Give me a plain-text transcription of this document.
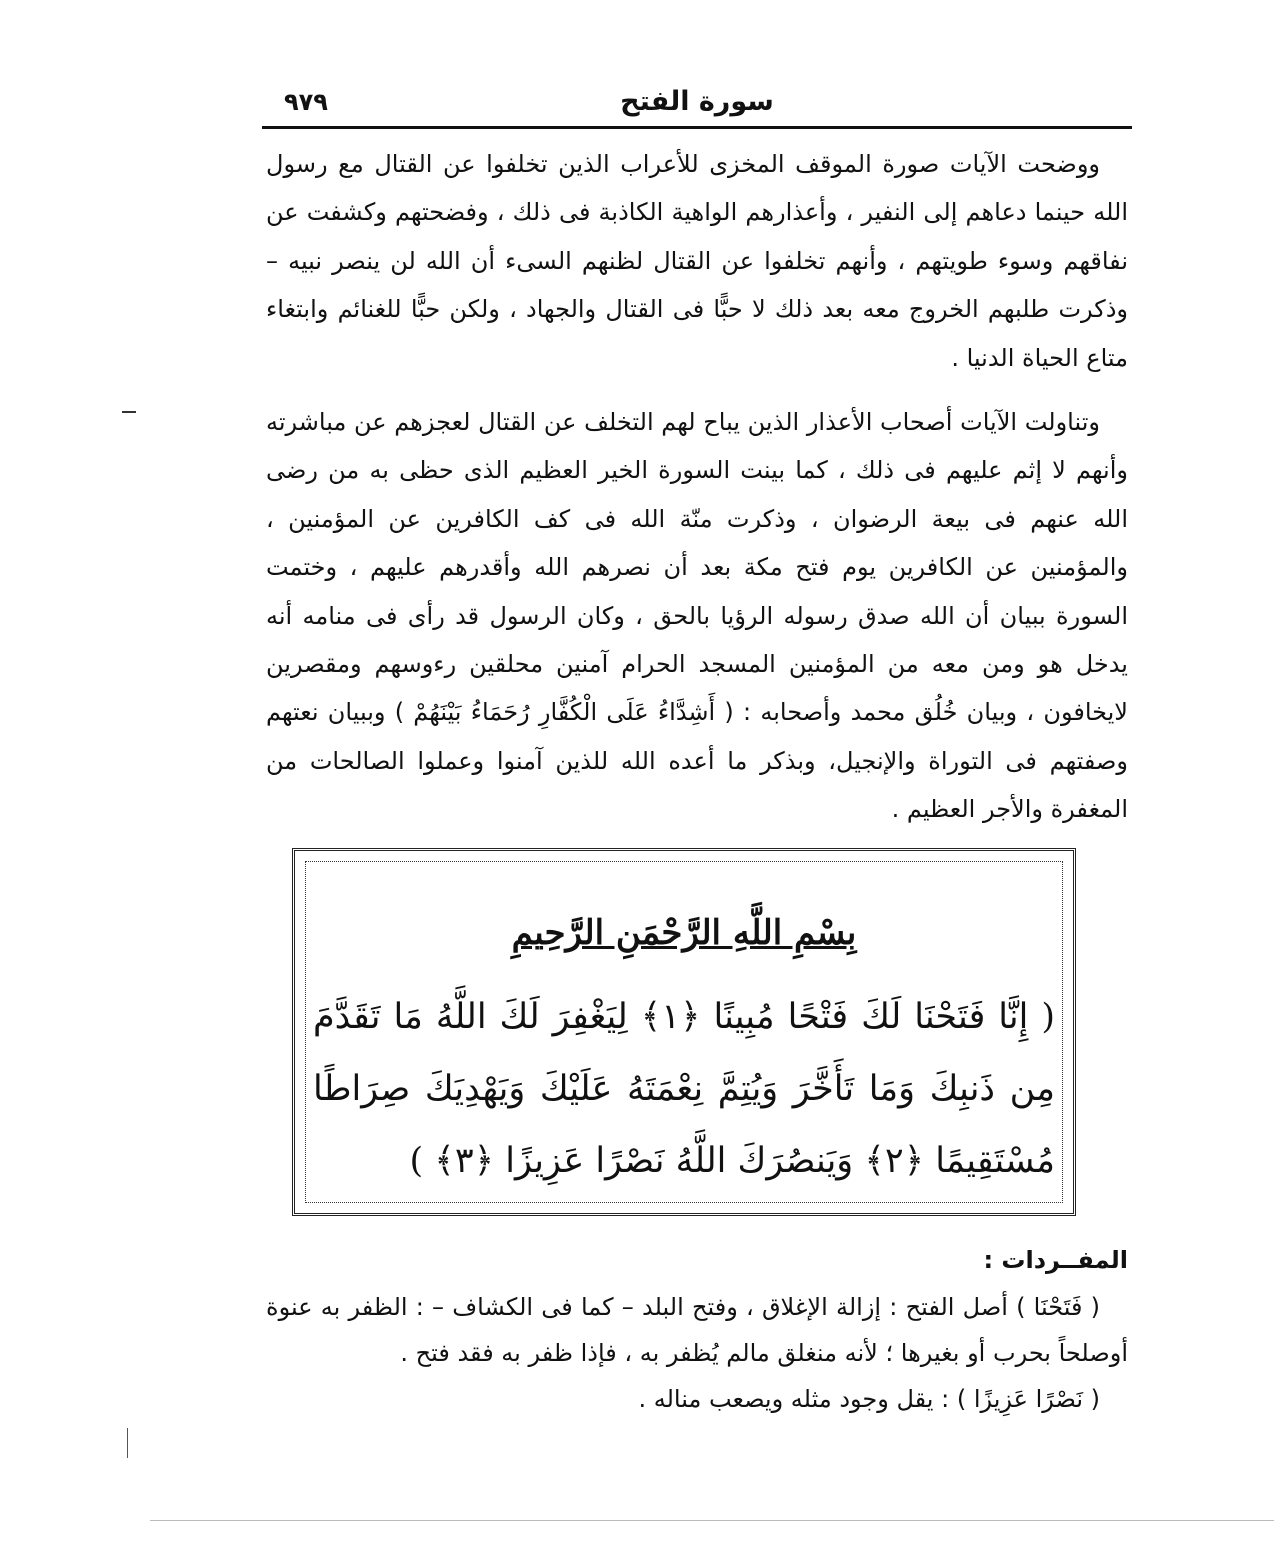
سورة الفتح
٩٧٩

ووضحت الآيات صورة الموقف المخزى للأعراب الذين تخلفوا عن القتال مع رسول الله حينما دعاهم إلى النفير ، وأعذارهم الواهية الكاذبة فى ذلك ، وفضحتهم وكشفت عن نفاقهم وسوء طويتهم ، وأنهم تخلفوا عن القتال لظنهم السىء أن الله لن ينصر نبيه – وذكرت طلبهم الخروج معه بعد ذلك لا حبًّا فى القتال والجهاد ، ولكن حبًّا للغنائم وابتغاء متاع الحياة الدنيا .

وتناولت الآيات أصحاب الأعذار الذين يباح لهم التخلف عن القتال لعجزهم عن مباشرته وأنهم لا إثم عليهم فى ذلك ، كما بينت السورة الخير العظيم الذى حظى به من رضى الله عنهم فى بيعة الرضوان ، وذكرت منّة الله فى كف الكافرين عن المؤمنين ، والمؤمنين عن الكافرين يوم فتح مكة بعد أن نصرهم الله وأقدرهم عليهم ، وختمت السورة ببيان أن الله صدق رسوله الرؤيا بالحق ، وكان الرسول قد رأى فى منامه أنه يدخل هو ومن معه من المؤمنين المسجد الحرام آمنين محلقين رءوسهم ومقصرين لايخافون ، وبيان خُلُق محمد وأصحابه : ( أَشِدَّاءُ عَلَى الْكُفَّارِ رُحَمَاءُ بَيْنَهُمْ ) وببيان نعتهم وصفتهم فى التوراة والإنجيل، وبذكر ما أعده الله للذين آمنوا وعملوا الصالحات من المغفرة والأجر العظيم .

بِسْمِ اللَّهِ الرَّحْمَنِ الرَّحِيمِ
( إِنَّا فَتَحْنَا لَكَ فَتْحًا مُبِينًا ﴿١﴾ لِيَغْفِرَ لَكَ اللَّهُ مَا تَقَدَّمَ مِن ذَنبِكَ وَمَا تَأَخَّرَ وَيُتِمَّ نِعْمَتَهُ عَلَيْكَ وَيَهْدِيَكَ صِرَاطًا مُسْتَقِيمًا ﴿٢﴾ وَيَنصُرَكَ اللَّهُ نَصْرًا عَزِيزًا ﴿٣﴾ )
المفــردات :

( فَتَحْنَا ) أصل الفتح : إزالة الإغلاق ، وفتح البلد – كما فى الكشاف – : الظفر به عنوة أوصلحاً بحرب أو بغيرها ؛ لأنه منغلق مالم يُظفر به ، فإذا ظفر به فقد فتح .

( نَصْرًا عَزِيزًا ) : يقل وجود مثله ويصعب مناله .
